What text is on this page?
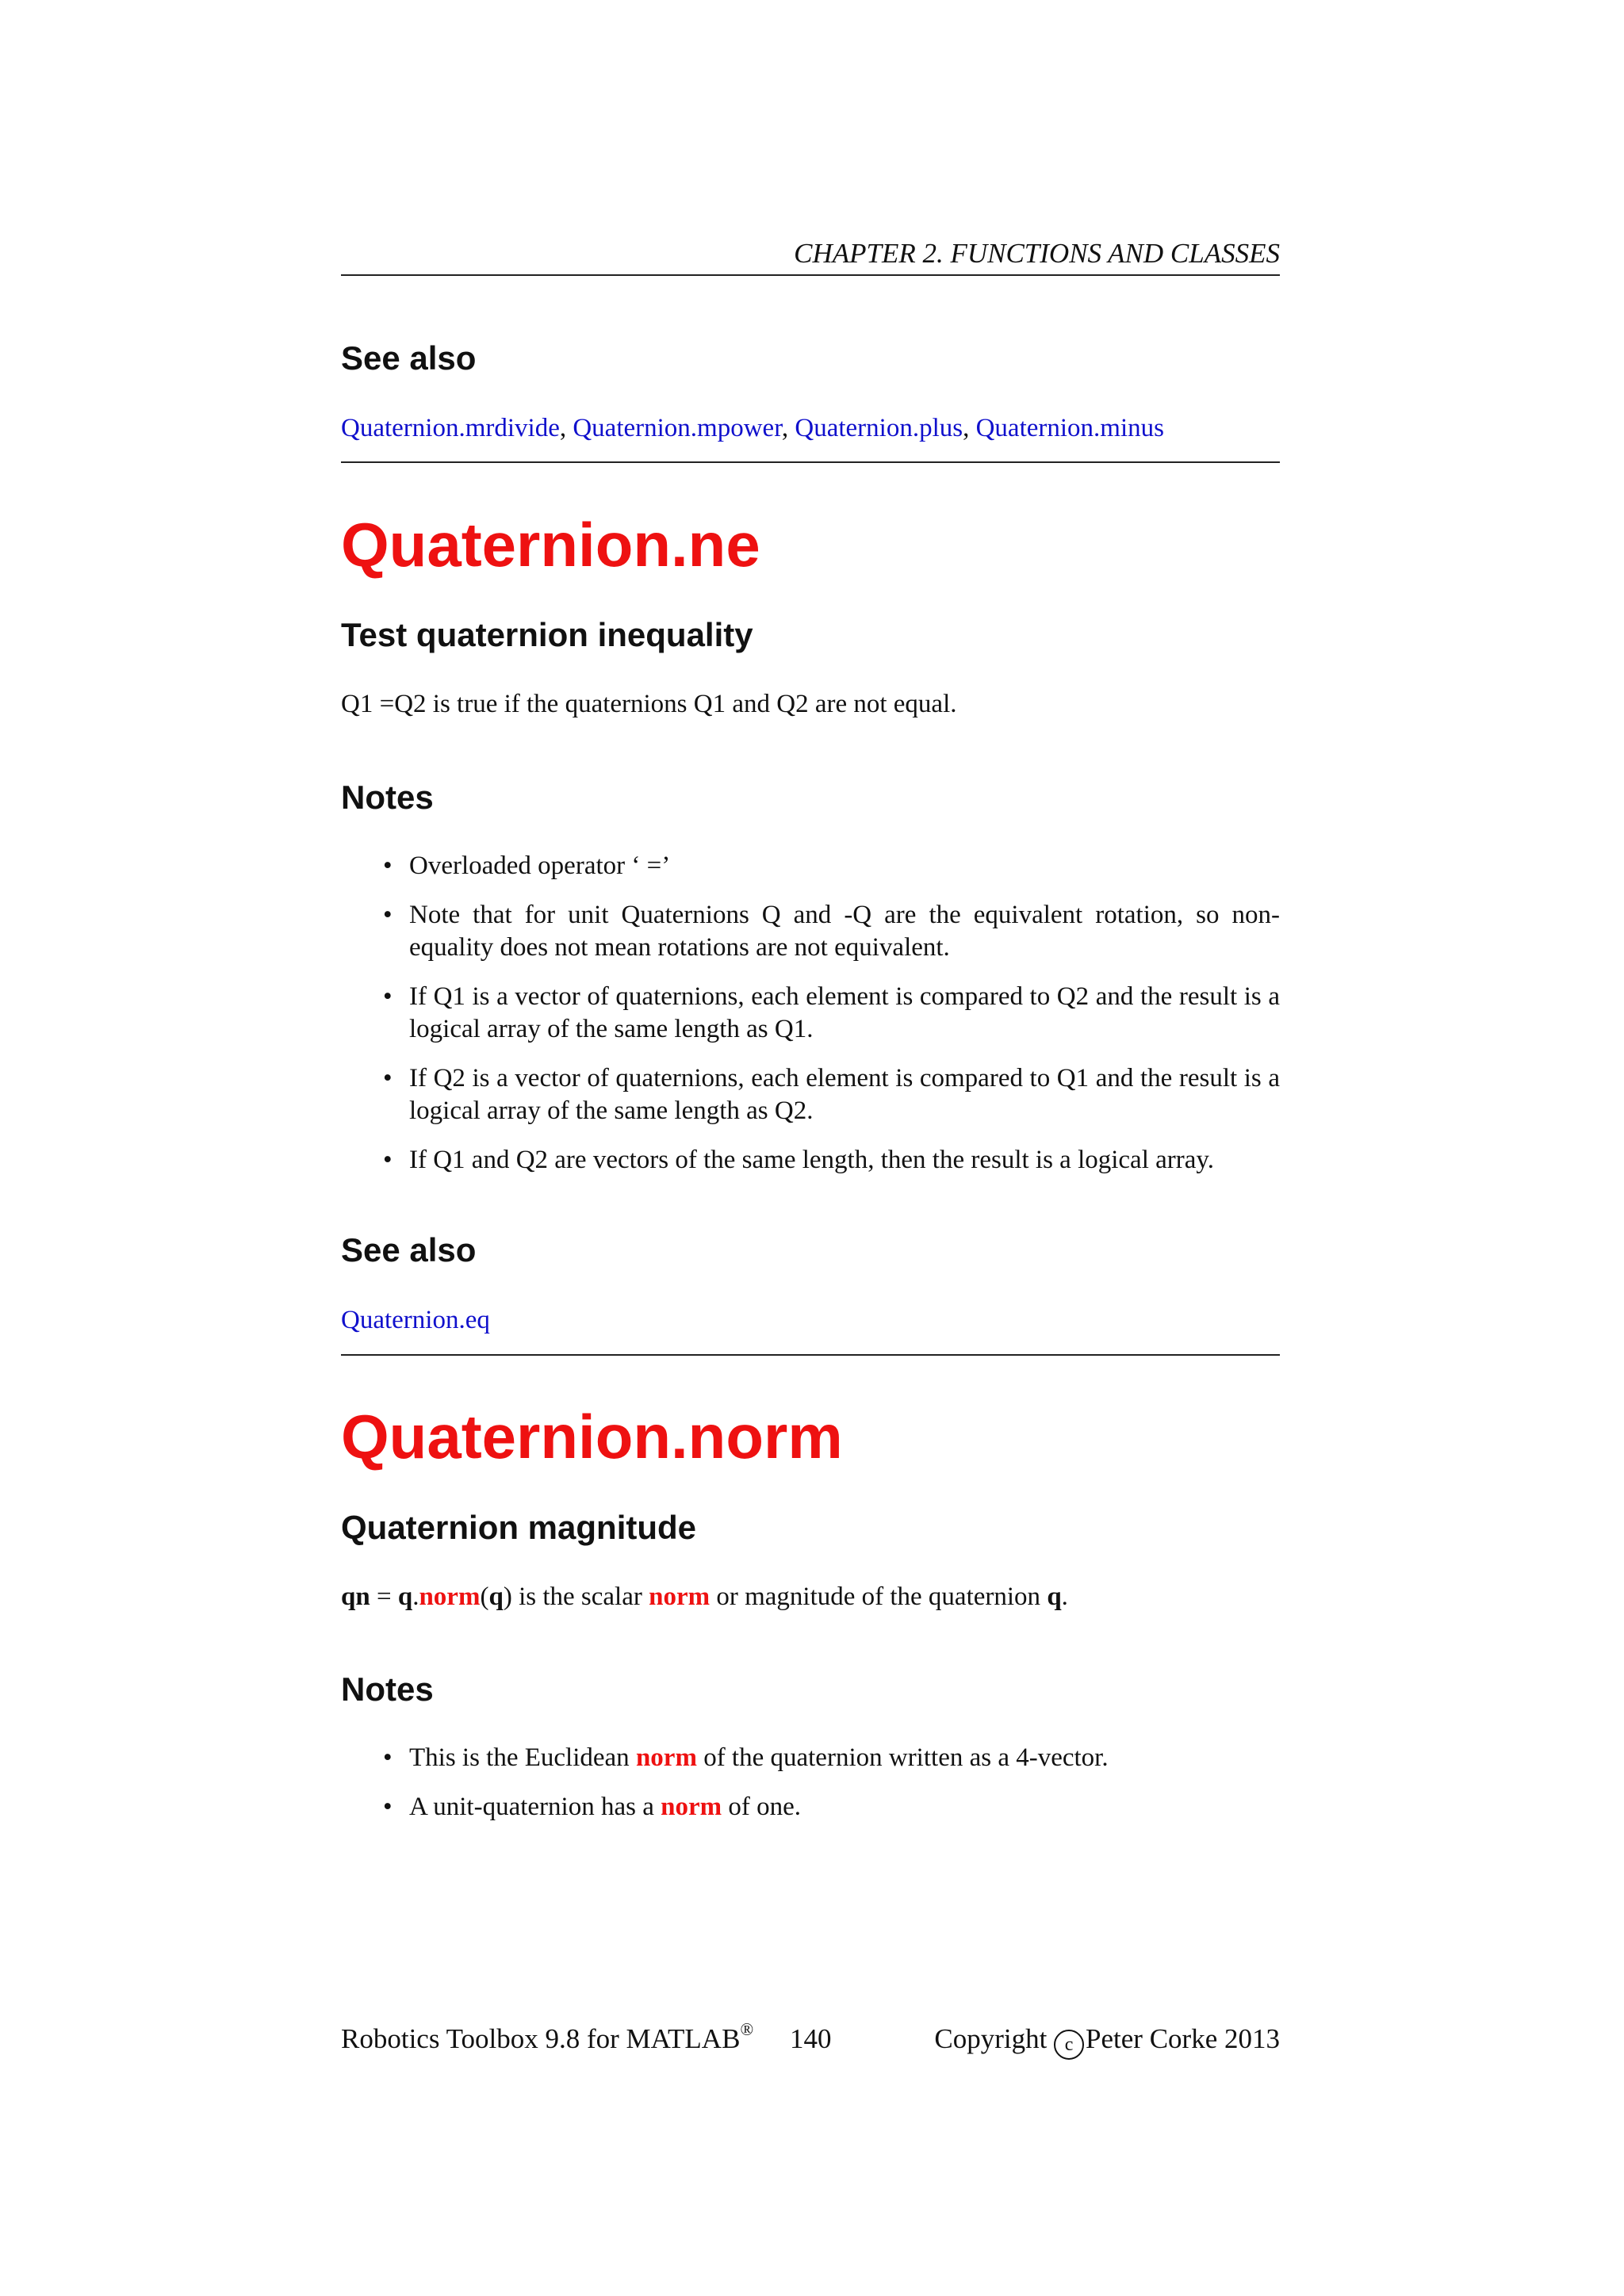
CHAPTER 2. FUNCTIONS AND CLASSES
See also
Quaternion.mrdivide, Quaternion.mpower, Quaternion.plus, Quaternion.minus
Quaternion.ne
Test quaternion inequality
Q1 =Q2 is true if the quaternions Q1 and Q2 are not equal.
Notes
• Overloaded operator ‘ =’
• Note that for unit Quaternions Q and -Q are the equivalent rotation, so non-equality does not mean rotations are not equivalent.
• If Q1 is a vector of quaternions, each element is compared to Q2 and the result is a logical array of the same length as Q1.
• If Q2 is a vector of quaternions, each element is compared to Q1 and the result is a logical array of the same length as Q2.
• If Q1 and Q2 are vectors of the same length, then the result is a logical array.
See also
Quaternion.eq
Quaternion.norm
Quaternion magnitude
qn = q.norm(q) is the scalar norm or magnitude of the quaternion q.
Notes
• This is the Euclidean norm of the quaternion written as a 4-vector.
• A unit-quaternion has a norm of one.
Robotics Toolbox 9.8 for MATLAB® 140	Copyright c Peter Corke 2013
